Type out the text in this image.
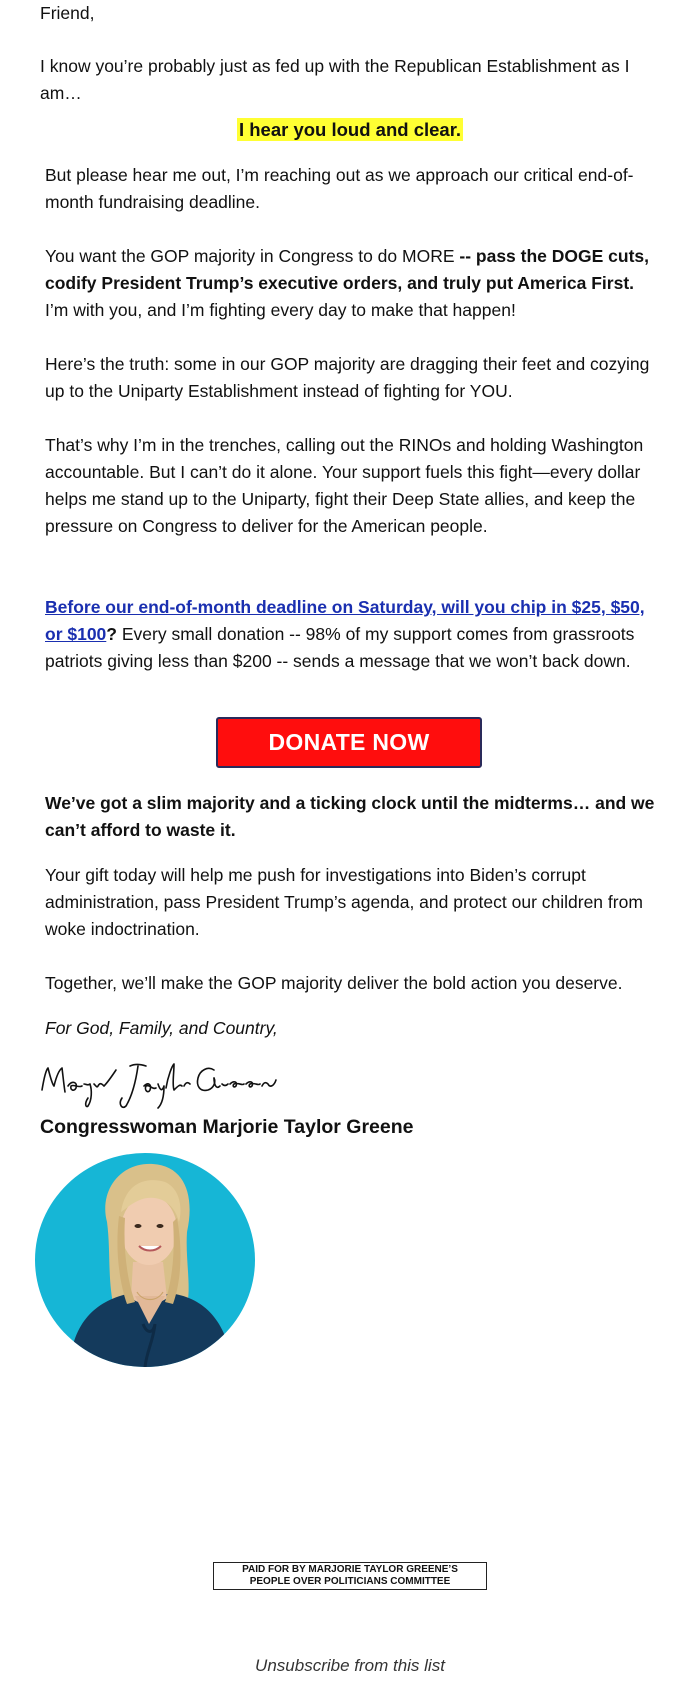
Friend,

I know you’re probably just as fed up with the Republican Establishment as I am…

I hear you loud and clear.

But please hear me out, I’m reaching out as we approach our critical end-of-month fundraising deadline.

You want the GOP majority in Congress to do MORE -- pass the DOGE cuts, codify President Trump’s executive orders, and truly put America First. I’m with you, and I’m fighting every day to make that happen!

Here’s the truth: some in our GOP majority are dragging their feet and cozying up to the Uniparty Establishment instead of fighting for YOU.

That’s why I’m in the trenches, calling out the RINOs and holding Washington accountable. But I can’t do it alone. Your support fuels this fight—every dollar helps me stand up to the Uniparty, fight their Deep State allies, and keep the pressure on Congress to deliver for the American people.

Before our end-of-month deadline on Saturday, will you chip in $25, $50, or $100? Every small donation -- 98% of my support comes from grassroots patriots giving less than $200 -- sends a message that we won’t back down.

DONATE NOW

We’ve got a slim majority and a ticking clock until the midterms… and we can’t afford to waste it.

Your gift today will help me push for investigations into Biden’s corrupt administration, pass President Trump’s agenda, and protect our children from woke indoctrination.

Together, we’ll make the GOP majority deliver the bold action you deserve.

For God, Family, and Country,

Congresswoman Marjorie Taylor Greene

PAID FOR BY MARJORIE TAYLOR GREENE’S
PEOPLE OVER POLITICIANS COMMITTEE

Unsubscribe from this list
